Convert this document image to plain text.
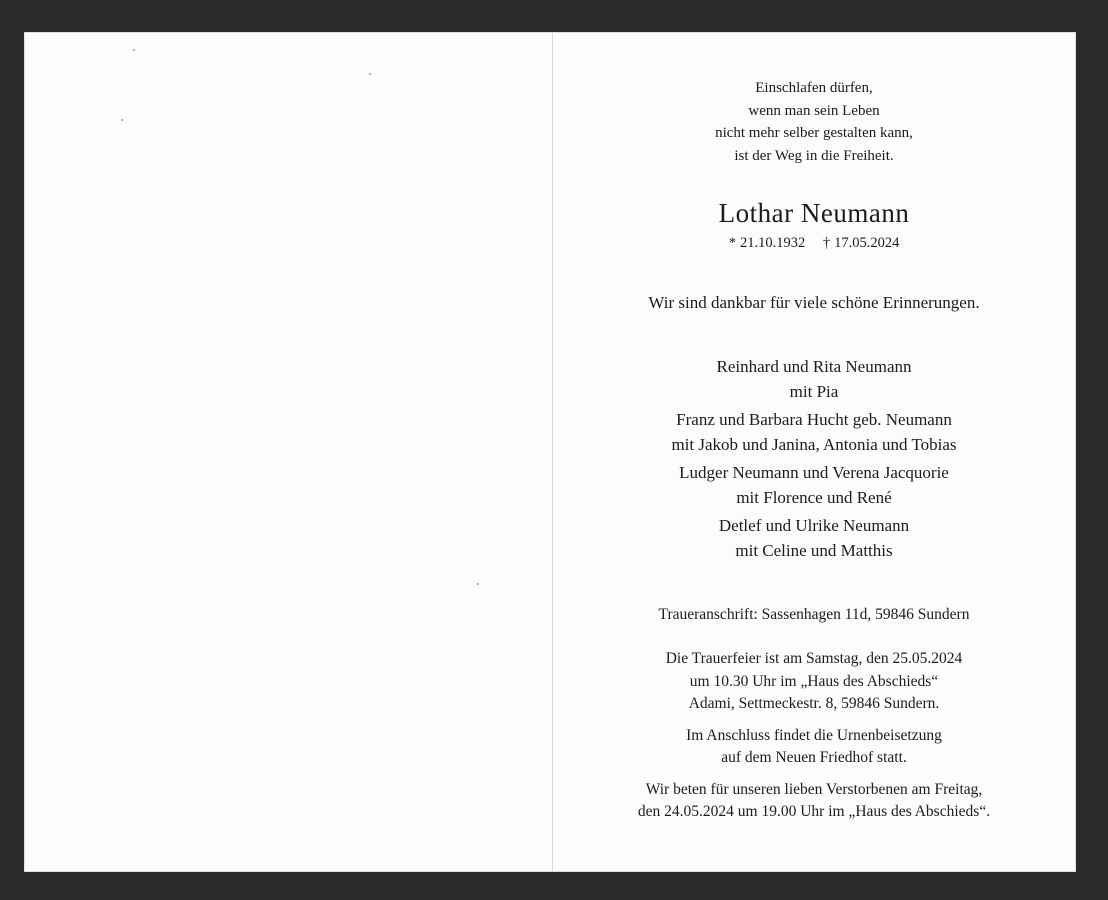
Einschlafen dürfen,
wenn man sein Leben
nicht mehr selber gestalten kann,
ist der Weg in die Freiheit.
Lothar Neumann
* 21.10.1932 † 17.05.2024
Wir sind dankbar für viele schöne Erinnerungen.
Reinhard und Rita Neumann
mit Pia
Franz und Barbara Hucht geb. Neumann
mit Jakob und Janina, Antonia und Tobias
Ludger Neumann und Verena Jacquorie
mit Florence und René
Detlef und Ulrike Neumann
mit Celine und Matthis
Traueranschrift: Sassenhagen 11d, 59846 Sundern

Die Trauerfeier ist am Samstag, den 25.05.2024
um 10.30 Uhr im „Haus des Abschieds“
Adami, Settmeckestr. 8, 59846 Sundern.

Im Anschluss findet die Urnenbeisetzung
auf dem Neuen Friedhof statt.

Wir beten für unseren lieben Verstorbenen am Freitag,
den 24.05.2024 um 19.00 Uhr im „Haus des Abschieds“.
